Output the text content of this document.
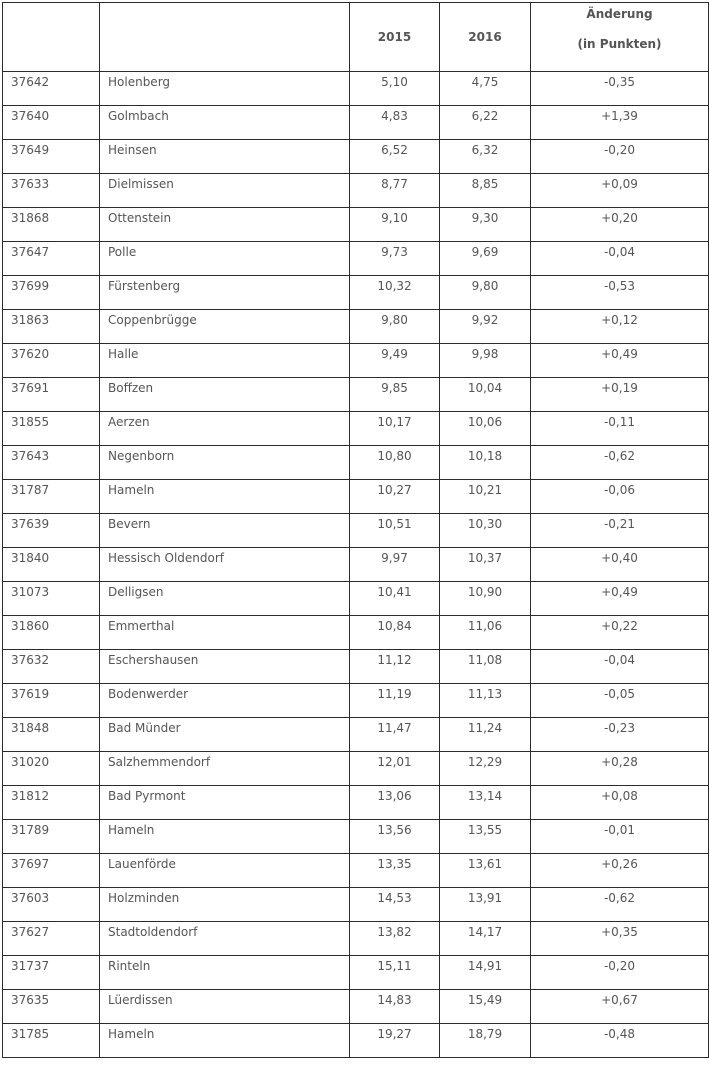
		2015	2016	Änderung
(in Punkten)

37642	Holenberg	5,10	4,75	-0,35
37640	Golmbach	4,83	6,22	+1,39
37649	Heinsen	6,52	6,32	-0,20
37633	Dielmissen	8,77	8,85	+0,09
31868	Ottenstein	9,10	9,30	+0,20
37647	Polle	9,73	9,69	-0,04
37699	Fürstenberg	10,32	9,80	-0,53
31863	Coppenbrügge	9,80	9,92	+0,12
37620	Halle	9,49	9,98	+0,49
37691	Boffzen	9,85	10,04	+0,19
31855	Aerzen	10,17	10,06	-0,11
37643	Negenborn	10,80	10,18	-0,62
31787	Hameln	10,27	10,21	-0,06
37639	Bevern	10,51	10,30	-0,21
31840	Hessisch Oldendorf	9,97	10,37	+0,40
31073	Delligsen	10,41	10,90	+0,49
31860	Emmerthal	10,84	11,06	+0,22
37632	Eschershausen	11,12	11,08	-0,04
37619	Bodenwerder	11,19	11,13	-0,05
31848	Bad Münder	11,47	11,24	-0,23
31020	Salzhemmendorf	12,01	12,29	+0,28
31812	Bad Pyrmont	13,06	13,14	+0,08
31789	Hameln	13,56	13,55	-0,01
37697	Lauenförde	13,35	13,61	+0,26
37603	Holzminden	14,53	13,91	-0,62
37627	Stadtoldendorf	13,82	14,17	+0,35
31737	Rinteln	15,11	14,91	-0,20
37635	Lüerdissen	14,83	15,49	+0,67
31785	Hameln	19,27	18,79	-0,48
